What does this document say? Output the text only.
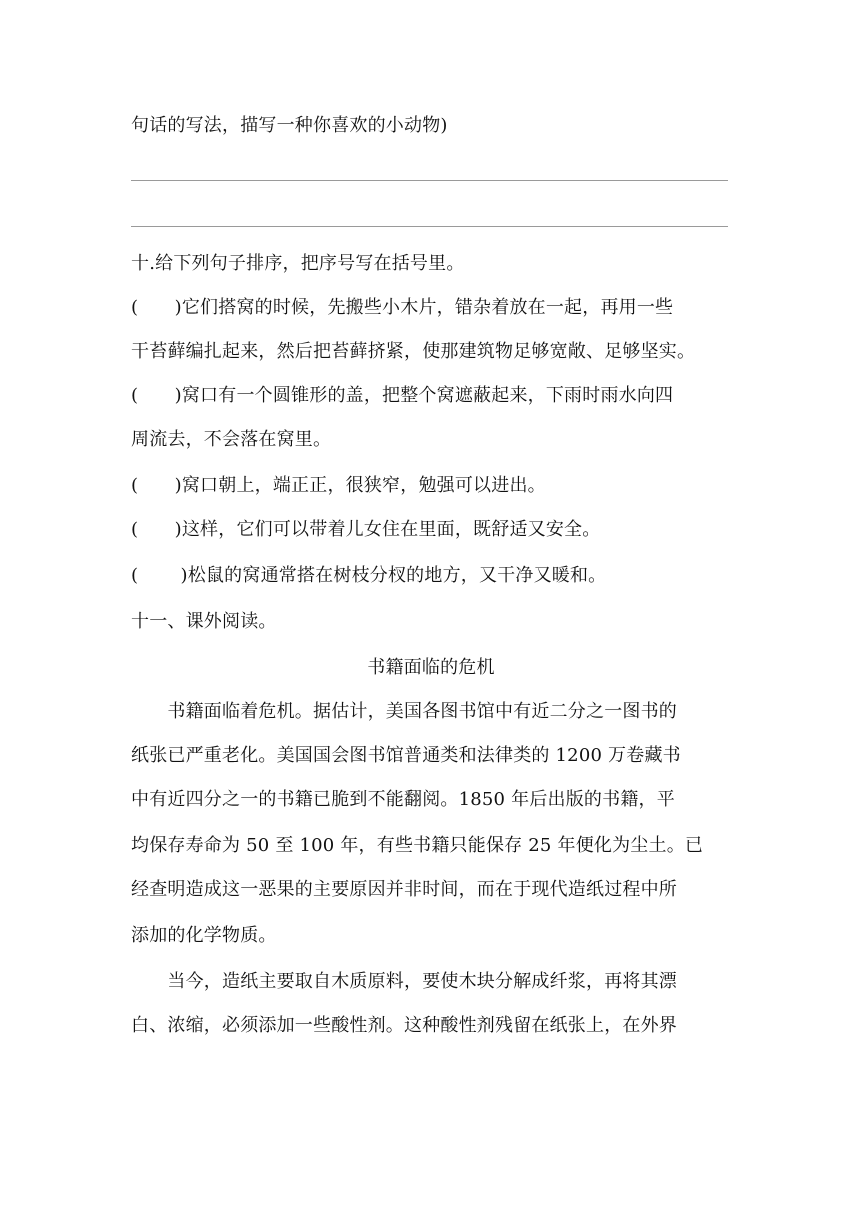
句话的写法，描写一种你喜欢的小动物)
十.给下列句子排序，把序号写在括号里。
(　　)它们搭窝的时候，先搬些小木片，错杂着放在一起，再用一些
干苔藓编扎起来，然后把苔藓挤紧，使那建筑物足够宽敞、足够坚实。
(　　)窝口有一个圆锥形的盖，把整个窝遮蔽起来，下雨时雨水向四
周流去，不会落在窝里。
(　　)窝口朝上，端正正，很狭窄，勉强可以进出。
(　　)这样，它们可以带着儿女住在里面，既舒适又安全。
(　　 )松鼠的窝通常搭在树枝分杈的地方，又干净又暖和。
十一、课外阅读。
书籍面临的危机
　　书籍面临着危机。据估计，美国各图书馆中有近二分之一图书的
纸张已严重老化。美国国会图书馆普通类和法律类的 1200 万卷藏书
中有近四分之一的书籍已脆到不能翻阅。1850 年后出版的书籍，平
均保存寿命为 50 至 100 年，有些书籍只能保存 25 年便化为尘土。已
经查明造成这一恶果的主要原因并非时间，而在于现代造纸过程中所
添加的化学物质。
　　当今，造纸主要取自木质原料，要使木块分解成纤浆，再将其漂
白、浓缩，必须添加一些酸性剂。这种酸性剂残留在纸张上，在外界
